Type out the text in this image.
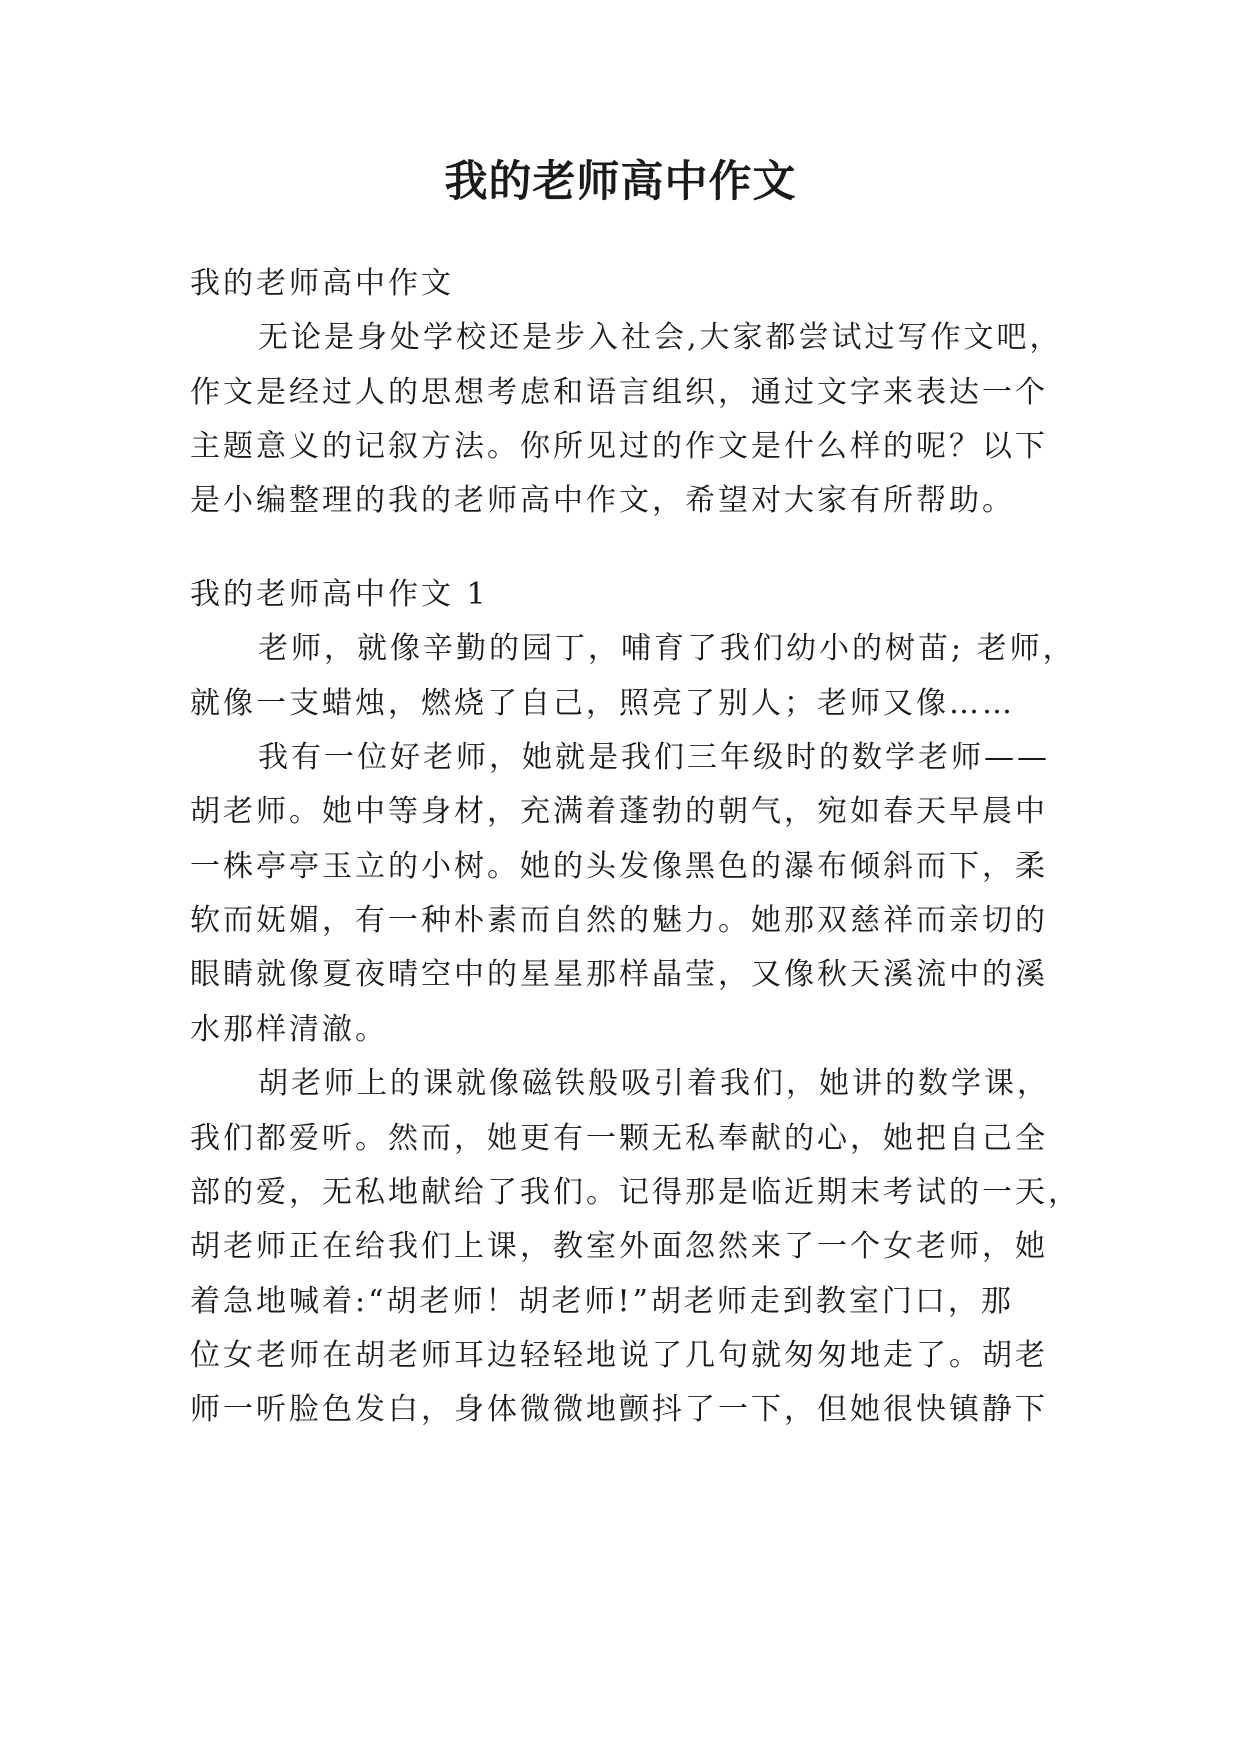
我的老师高中作文
我的老师高中作文
无论是身处学校还是步入社会,大家都尝试过写作文吧，
作文是经过人的思想考虑和语言组织，通过文字来表达一个
主题意义的记叙方法。你所见过的作文是什么样的呢？以下
是小编整理的我的老师高中作文，希望对大家有所帮助。
我的老师高中作文 1
老师，就像辛勤的园丁，哺育了我们幼小的树苗; 老师，
就像一支蜡烛，燃烧了自己，照亮了别人；老师又像……
我有一位好老师，她就是我们三年级时的数学老师——
胡老师。她中等身材，充满着蓬勃的朝气，宛如春天早晨中
一株亭亭玉立的小树。她的头发像黑色的瀑布倾斜而下，柔
软而妩媚，有一种朴素而自然的魅力。她那双慈祥而亲切的
眼睛就像夏夜晴空中的星星那样晶莹，又像秋天溪流中的溪
水那样清澈。
胡老师上的课就像磁铁般吸引着我们，她讲的数学课，
我们都爱听。然而，她更有一颗无私奉献的心，她把自己全
部的爱，无私地献给了我们。记得那是临近期末考试的一天，
胡老师正在给我们上课，教室外面忽然来了一个女老师，她
着急地喊着:“胡老师！胡老师!”胡老师走到教室门口，那
位女老师在胡老师耳边轻轻地说了几句就匆匆地走了。胡老
师一听脸色发白，身体微微地颤抖了一下，但她很快镇静下
